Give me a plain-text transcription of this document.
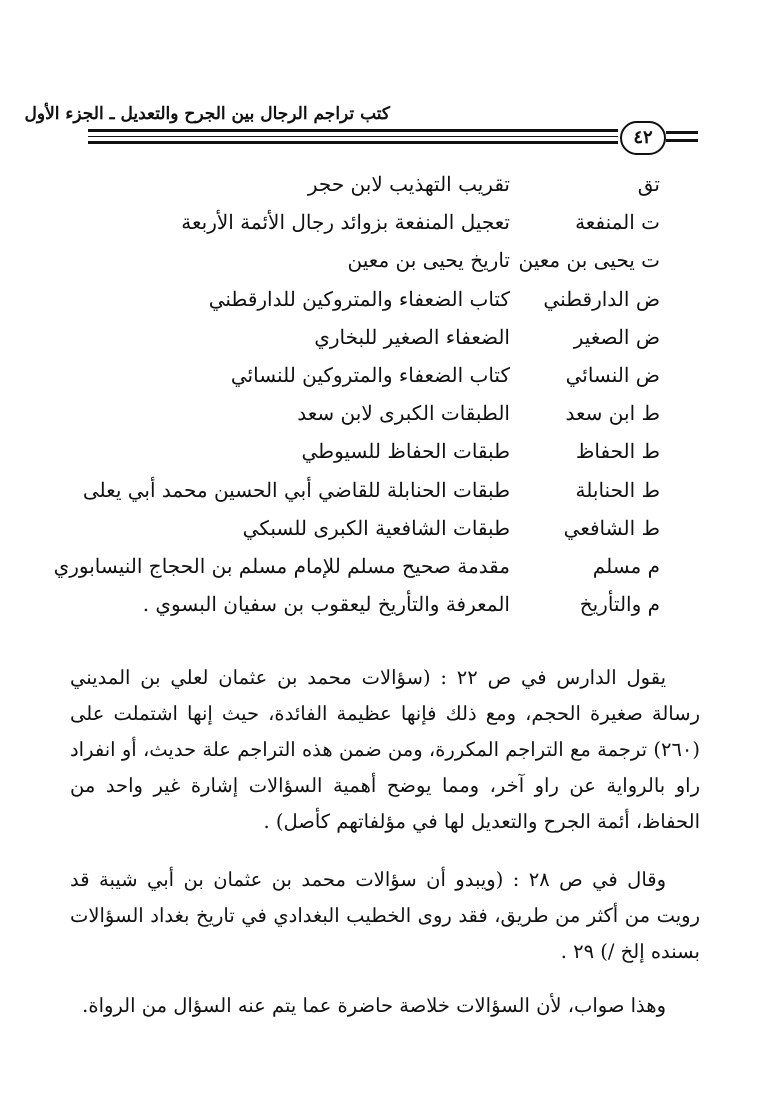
كتب تراجم الرجال بين الجرح والتعديل ـ الجزء الأول
٤٢
تق
تقريب التهذيب لابن حجر
ت المنفعة
تعجيل المنفعة بزوائد رجال الأئمة الأربعة
ت يحيى بن معين
تاريخ يحيى بن معين
ض الدارقطني
كتاب الضعفاء والمتروكين للدارقطني
ض الصغير
الضعفاء الصغير للبخاري
ض النسائي
كتاب الضعفاء والمتروكين للنسائي
ط ابن سعد
الطبقات الكبرى لابن سعد
ط الحفاظ
طبقات الحفاظ للسيوطي
ط الحنابلة
طبقات الحنابلة للقاضي أبي الحسين محمد أبي يعلى
ط الشافعي
طبقات الشافعية الكبرى للسبكي
م مسلم
مقدمة صحيح مسلم للإمام مسلم بن الحجاج النيسابوري
م والتأريخ
المعرفة والتأريخ ليعقوب بن سفيان البسوي .

يقول الدارس في ص ٢٢ : (سؤالات محمد بن عثمان لعلي بن المديني رسالة صغيرة الحجم، ومع ذلك فإنها عظيمة الفائدة، حيث إنها اشتملت على (٢٦٠) ترجمة مع التراجم المكررة، ومن ضمن هذه التراجم علة حديث، أو انفراد راو بالرواية عن راو آخر، ومما يوضح أهمية السؤالات إشارة غير واحد من الحفاظ، أئمة الجرح والتعديل لها في مؤلفاتهم كأصل) .

وقال في ص ٢٨ : (ويبدو أن سؤالات محمد بن عثمان بن أبي شيبة قد رويت من أكثر من طريق، فقد روى الخطيب البغدادي في تاريخ بغداد السؤالات بسنده إلخ /) ٢٩ .

وهذا صواب، لأن السؤالات خلاصة حاضرة عما يتم عنه السؤال من الرواة.
